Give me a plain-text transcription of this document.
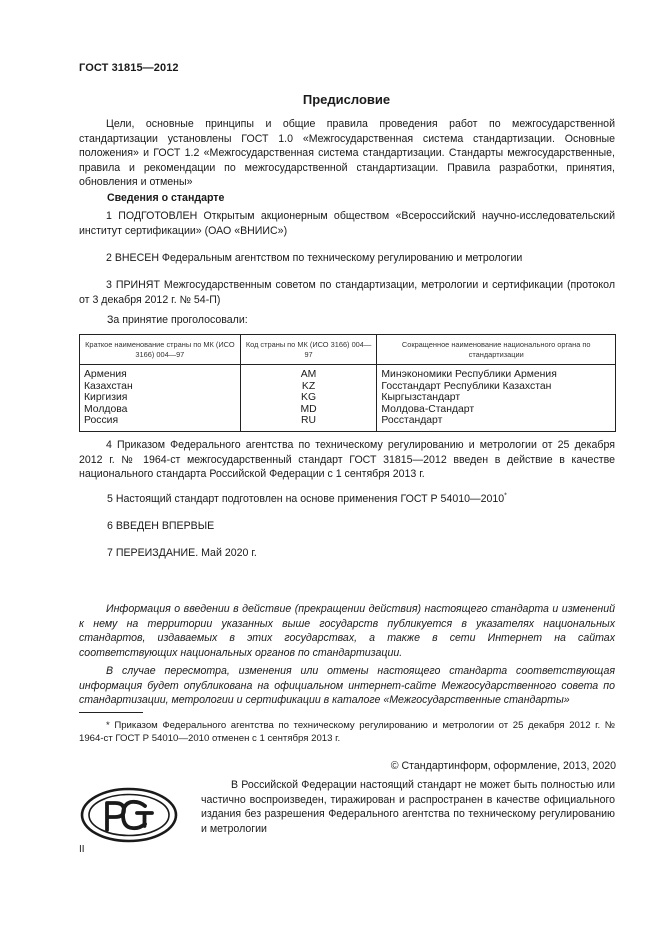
ГОСТ 31815—2012
Предисловие
Цели, основные принципы и общие правила проведения работ по межгосударственной стандартизации установлены ГОСТ 1.0 «Межгосударственная система стандартизации. Основные положения» и ГОСТ 1.2 «Межгосударственная система стандартизации. Стандарты межгосударственные, правила и рекомендации по межгосударственной стандартизации. Правила разработки, принятия, обновления и отмены»
Сведения о стандарте
1 ПОДГОТОВЛЕН Открытым акционерным обществом «Всероссийский научно-исследовательский институт сертификации» (ОАО «ВНИИС»)
2 ВНЕСЕН Федеральным агентством по техническому регулированию и метрологии
3 ПРИНЯТ Межгосударственным советом по стандартизации, метрологии и сертификации (протокол от 3 декабря 2012 г. № 54-П)
За принятие проголосовали:
Краткое наименование страны по МК (ИСО 3166) 004—97	Код страны по МК (ИСО 3166) 004—97	Сокращенное наименование национального органа по стандартизации
Армения	AM	Минэкономики Республики Армения
Казахстан	KZ	Госстандарт Республики Казахстан
Киргизия	KG	Кыргызстандарт
Молдова	MD	Молдова-Стандарт
Россия	RU	Росстандарт
4 Приказом Федерального агентства по техническому регулированию и метрологии от 25 декабря 2012 г. № 1964-ст межгосударственный стандарт ГОСТ 31815—2012 введен в действие в качестве национального стандарта Российской Федерации с 1 сентября 2013 г.
5 Настоящий стандарт подготовлен на основе применения ГОСТ Р 54010—2010*
6 ВВЕДЕН ВПЕРВЫЕ
7 ПЕРЕИЗДАНИЕ. Май 2020 г.
Информация о введении в действие (прекращении действия) настоящего стандарта и изменений к нему на территории указанных выше государств публикуется в указателях национальных стандартов, издаваемых в этих государствах, а также в сети Интернет на сайтах соответствующих национальных органов по стандартизации.
В случае пересмотра, изменения или отмены настоящего стандарта соответствующая информация будет опубликована на официальном интернет-сайте Межгосударственного совета по стандартизации, метрологии и сертификации в каталоге «Межгосударственные стандарты»
* Приказом Федерального агентства по техническому регулированию и метрологии от 25 декабря 2012 г. № 1964-ст ГОСТ Р 54010—2010 отменен с 1 сентября 2013 г.
© Стандартинформ, оформление, 2013, 2020
В Российской Федерации настоящий стандарт не может быть полностью или частично воспроизведен, тиражирован и распространен в качестве официального издания без разрешения Федерального агентства по техническому регулированию и метрологии
II
